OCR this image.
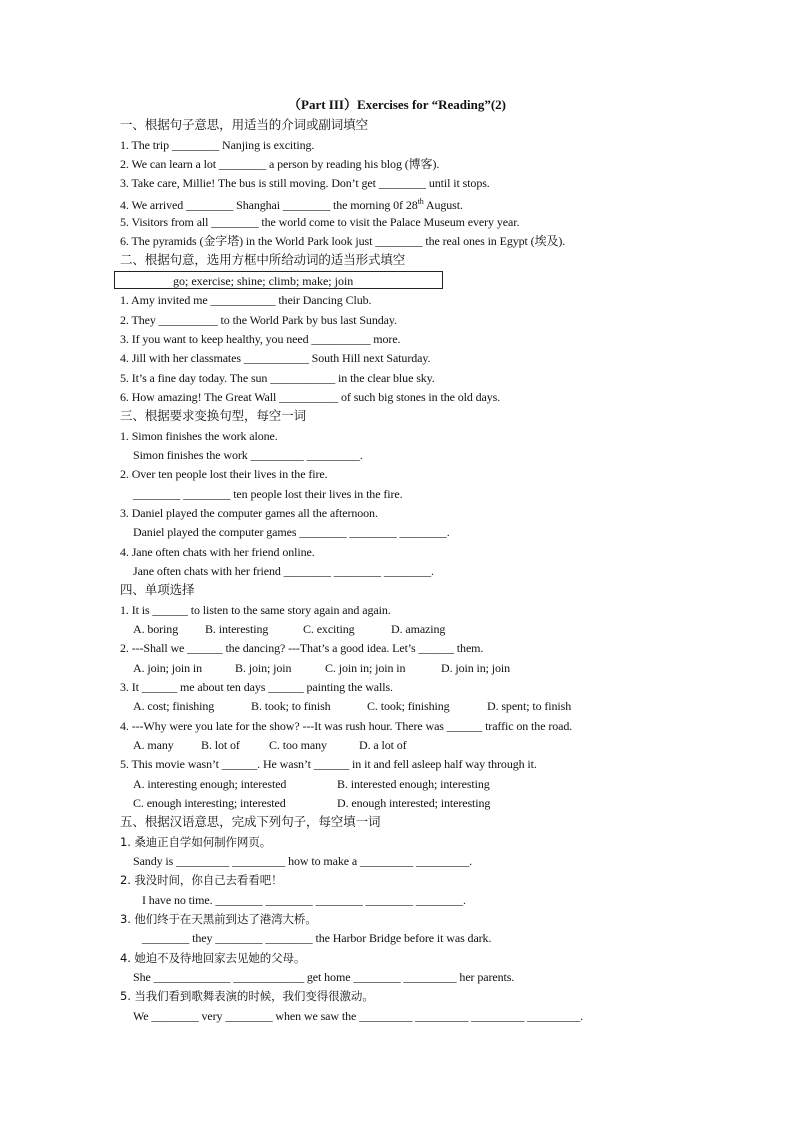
（Part III）Exercises for “Reading”(2)
一、根据句子意思，用适当的介词或副词填空
1. The trip ________ Nanjing is exciting.
2. We can learn a lot ________ a person by reading his blog (博客).
3. Take care, Millie! The bus is still moving. Don’t get ________ until it stops.
4. We arrived ________ Shanghai ________ the morning 0f 28th August.
5. Visitors from all ________ the world come to visit the Palace Museum every year.
6. The pyramids (金字塔) in the World Park look just ________ the real ones in Egypt (埃及).
二、根据句意，选用方框中所给动词的适当形式填空
go; exercise; shine; climb; make; join
1. Amy invited me ___________ their Dancing Club.
2. They __________ to the World Park by bus last Sunday.
3. If you want to keep healthy, you need __________ more.
4. Jill with her classmates ___________ South Hill next Saturday.
5. It’s a fine day today. The sun ___________ in the clear blue sky.
6. How amazing! The Great Wall __________ of such big stones in the old days.
三、根据要求变换句型，每空一词
1. Simon finishes the work alone.
Simon finishes the work _________ _________.
2. Over ten people lost their lives in the fire.
________ ________ ten people lost their lives in the fire.
3. Daniel played the computer games all the afternoon.
Daniel played the computer games ________ ________ ________.
4. Jane often chats with her friend online.
Jane often chats with her friend ________ ________ ________.
四、单项选择
1. It is ______ to listen to the same story again and again.
A. boring B. interesting	C. exciting	D. amazing
2. ---Shall we ______ the dancing? ---That’s a good idea. Let’s ______ them.
A. join; join in	B. join; join	C. join in; join in	D. join in; join
3. It ______ me about ten days ______ painting the walls.
A. cost; finishing	B. took; to finish	C. took; finishing	D. spent; to finish
4. ---Why were you late for the show? ---It was rush hour. There was ______ traffic on the road.
A. many B. lot of C. too many	D. a lot of
5. This movie wasn’t ______. He wasn’t ______ in it and fell asleep half way through it.
A. interesting enough; interested	B. interested enough; interesting
C. enough interesting; interested	D. enough interested; interesting
五、根据汉语意思，完成下列句子，每空填一词
1. 桑迪正自学如何制作网页。
Sandy is _________ _________ how to make a _________ _________.
2. 我没时间，你自己去看看吧！
I have no time. ________ ________ ________ ________ ________.
3. 他们终于在天黑前到达了港湾大桥。
________ they ________ ________ the Harbor Bridge before it was dark.
4. 她迫不及待地回家去见她的父母。
She _____________ ____________ get home ________ _________ her parents.
5. 当我们看到歌舞表演的时候，我们变得很激动。
We ________ very ________ when we saw the _________ _________ _________ _________.
